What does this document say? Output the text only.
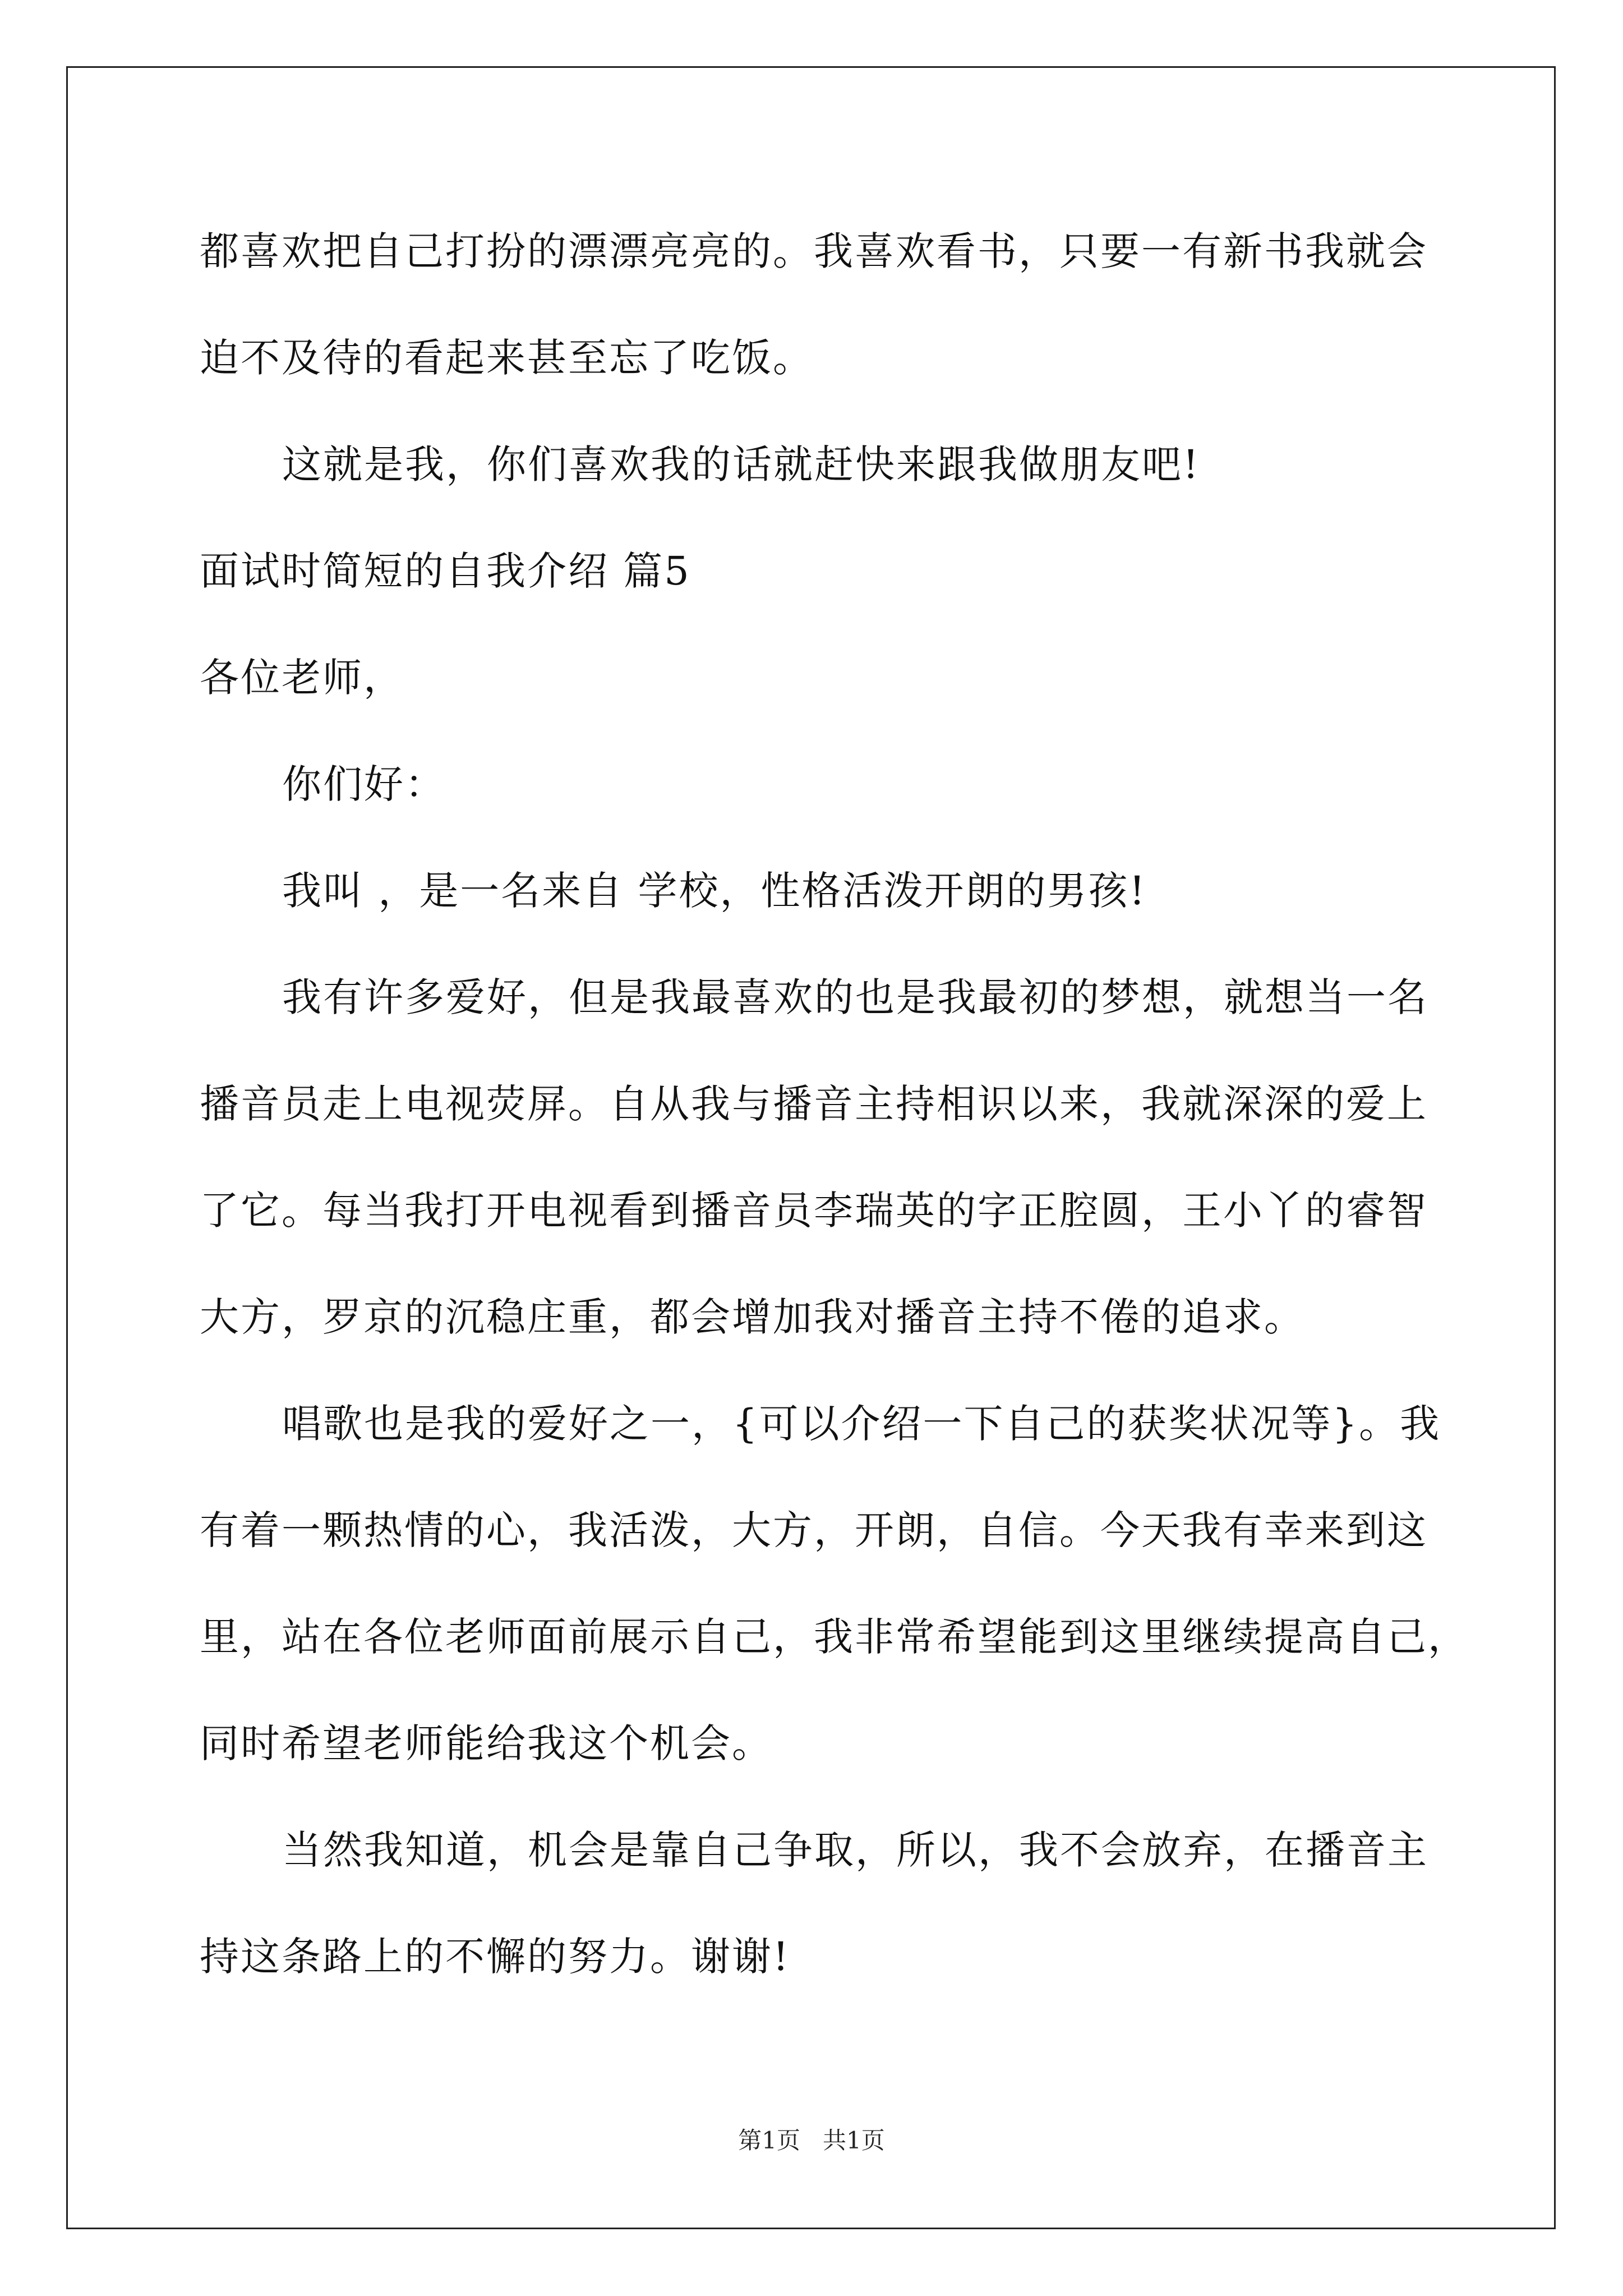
都喜欢把自己打扮的漂漂亮亮的。我喜欢看书，只要一有新书我就会
迫不及待的看起来甚至忘了吃饭。
这就是我，你们喜欢我的话就赶快来跟我做朋友吧!
面试时简短的自我介绍 篇5
各位老师，
你们好：
我叫 ，是一名来自 学校，性格活泼开朗的男孩!
我有许多爱好，但是我最喜欢的也是我最初的梦想，就想当一名
播音员走上电视荧屏。自从我与播音主持相识以来，我就深深的爱上
了它。每当我打开电视看到播音员李瑞英的字正腔圆，王小丫的睿智
大方，罗京的沉稳庄重，都会增加我对播音主持不倦的追求。
唱歌也是我的爱好之一，{可以介绍一下自己的获奖状况等}。我
有着一颗热情的心，我活泼，大方，开朗，自信。今天我有幸来到这
里，站在各位老师面前展示自己，我非常希望能到这里继续提高自己，
同时希望老师能给我这个机会。
当然我知道，机会是靠自己争取，所以，我不会放弃，在播音主
持这条路上的不懈的努力。谢谢!
第1页 共1页
